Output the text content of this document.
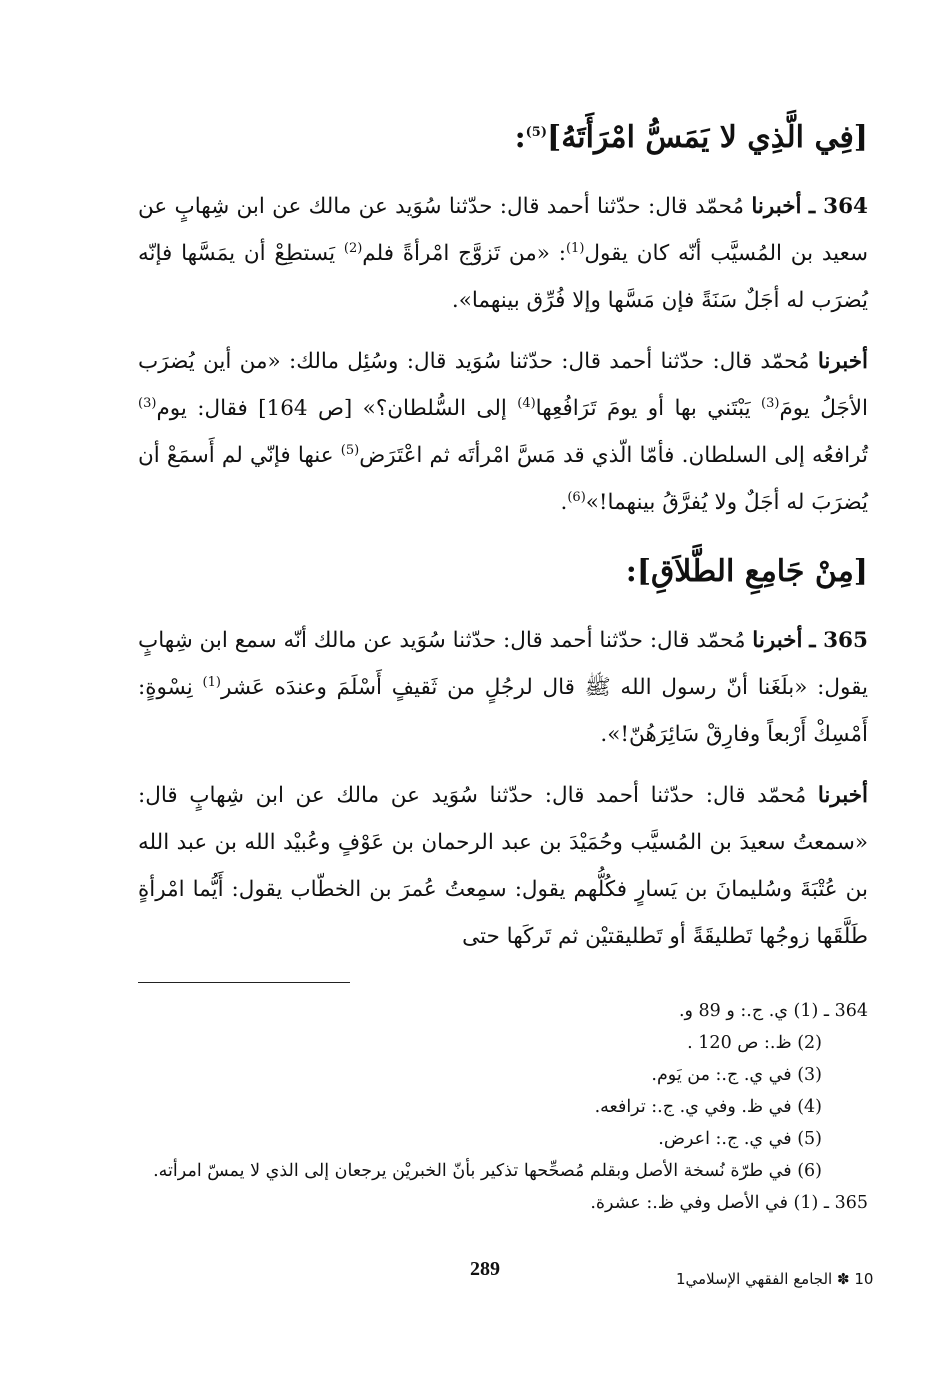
[فِي الَّذِي لا يَمَسُّ امْرَأَتَهُ]$^{(5)}$:

364 ـ أخبرنا مُحمّد قال: حدّثنا أحمد قال: حدّثنا سُوَيد عن مالك عن ابن شِهابٍ عن سعيد بن المُسيَّب أنّه كان يقول$^{(1)}$: «من تَزوَّج امْرأةً فلم$^{(2)}$ يَستطِعْ أن يمَسَّها فإنّه يُضرَب له أجَلٌ سَنَةً فإن مَسَّها وإلا فُرِّق بينهما».

أخبرنا مُحمّد قال: حدّثنا أحمد قال: حدّثنا سُوَيد قال: وسُئِل مالك: «من أين يُضرَب الأجَلُ يومَ$^{(3)}$ يَبْتَني بها أو يومَ تَرَافُعِها$^{(4)}$ إلى السُّلطان؟» [ص 164] فقال: يوم$^{(3)}$ تُرافعُه إلى السلطان. فأمّا الّذي قد مَسَّ امْرأتَه ثم اعْتَرَض$^{(5)}$ عنها فإنّي لم أَسمَعْ أن يُضرَبَ له أجَلٌ ولا يُفرَّقُ بينهما!»$^{(6)}$.

[مِنْ جَامِعِ الطَّلاَقِ]:

365 ـ أخبرنا مُحمّد قال: حدّثنا أحمد قال: حدّثنا سُوَيد عن مالك أنّه سمع ابن شِهابٍ يقول: «بلَغَنا أنّ رسول الله ﷺ قال لرجُلٍ من ثَقيفٍ أَسْلَمَ وعندَه عَشر$^{(1)}$ نِسْوةٍ: أَمْسِكْ أَرْبعاً وفارِقْ سَائِرَهُنّ!».

أخبرنا مُحمّد قال: حدّثنا أحمد قال: حدّثنا سُوَيد عن مالك عن ابن شِهابٍ قال: «سمعتُ سعيدَ بن المُسيَّب وحُمَيْدَ بن عبد الرحمان بن عَوْفٍ وعُبيْد الله بن عبد الله بن عُتْبَةَ وسُليمانَ بن يَسارٍ فكُلُّهم يقول: سمِعتُ عُمرَ بن الخطّاب يقول: أَيُّما امْرأةٍ طَلَّقَها زوجُها تَطليقَةً أو تَطليقتيْن ثم تَركَها حتى

364 ـ (1) ي. ج.: و 89 و.

(2) ظ.: ص 120 .

(3) في ي. ج.: من يَوم.

(4) في ظ. وفي ي. ج.: ترافعه.

(5) في ي. ج.: اعرض.

(6) في طرّة نُسخة الأصل وبقلم مُصحِّحها تذكير بأنّ الخبريْن يرجعان إلى الذي لا يمسّ امرأته.

365 ـ (1) في الأصل وفي ظ.: عشرة.

289	10 ✽ الجامع الفقهي الإسلامي1
